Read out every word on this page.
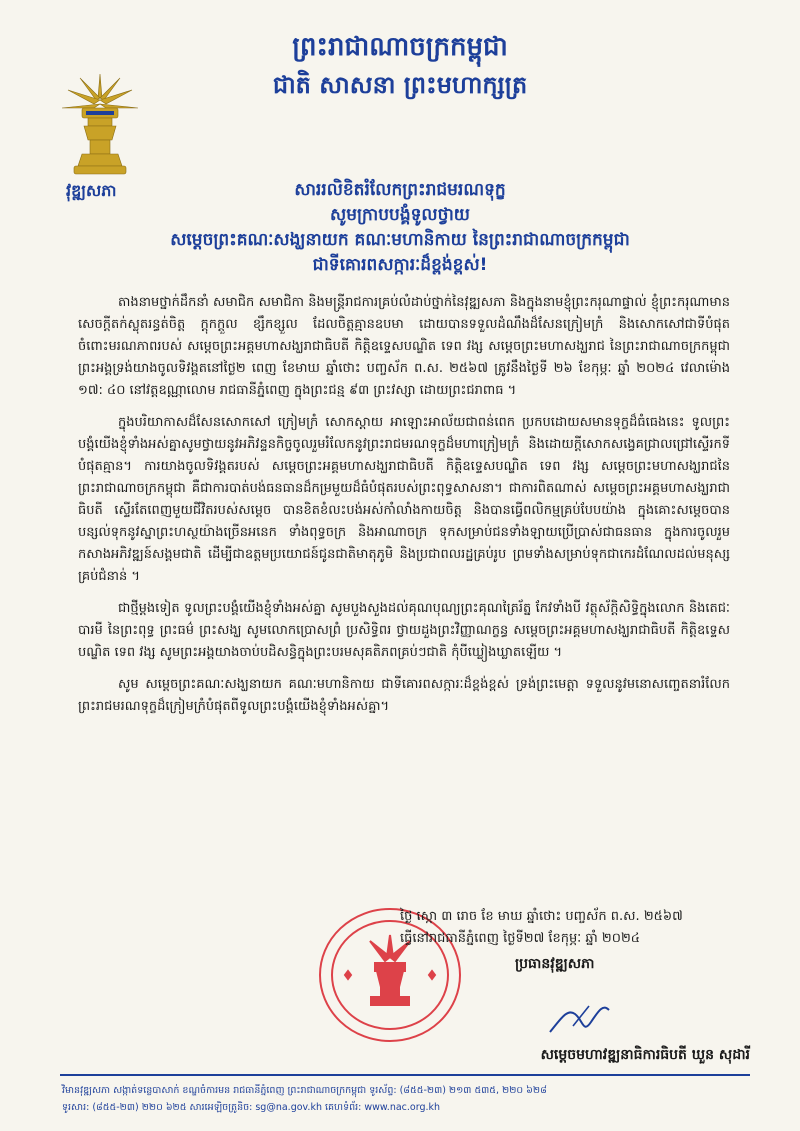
ព្រះរាជាណាចក្រកម្ពុជា
ជាតិ សាសនា ព្រះមហាក្សត្រ
វុឌ្ឍសភា	សាររលិខិតរំលែកព្រះរាជមរណទុក្ខ
សូមក្រាបបង្គំទូលថ្វាយ
សម្តេចព្រះគណៈសង្ឃនាយក គណៈមហានិកាយ នៃព្រះរាជាណាចក្រកម្ពុជា
ជាទីគោរពសក្ការៈដ៏ខ្ពង់ខ្ពស់!

តាងនាមថ្នាក់ដឹកនាំ សមាជិក សមាជិកា និងមន្ត្រីរាជការគ្រប់លំដាប់ថ្នាក់នៃវុឌ្ឍសភា និងក្នុងនាមខ្ញុំព្រះករុណាផ្ទាល់ ខ្ញុំព្រះករុណាមានសេចក្តីតក់ស្លុតរន្ធត់ចិត្ត ក្តុកក្តួល ខ្សឹកខ្សួល ដែលចិត្តគ្មានឧបមា ដោយបានទទួលដំណឹងដ៏សែនក្រៀមក្រំ និងសោកសៅជាទីបំផុតចំពោះមរណភាពរបស់ សម្តេចព្រះអគ្គមហាសង្ឃរាជាធិបតី កិត្តិឧទ្ទេសបណ្ឌិត ទេព វង្ស សម្តេចព្រះមហាសង្ឃរាជ នៃព្រះរាជាណាចក្រកម្ពុជា ព្រះអង្គទ្រង់យាងចូលទិវង្គតនៅថ្ងៃ២ ពេញ ខែមាឃ ឆ្នាំថោះ បញ្ចស័ក ព.ស. ២៥៦៧ ត្រូវនឹងថ្ងៃទី ២៦ ខែកុម្ភៈ ឆ្នាំ ២០២៤ វេលាម៉ោង ១៧: ៤០ នៅវត្តឧណ្ណាលោម រាជធានីភ្នំពេញ ក្នុងព្រះជន្ម ៩៣ ព្រះវស្សា ដោយព្រះជរាពាធ ។

ក្នុងបរិយាកាសដ៏សែនសោកសៅ ក្រៀមក្រំ សោកស្តាយ អាឡោះអាល័យជាពន់ពេក ប្រកបដោយសមានទុក្ខដ៏ធំធេងនេះ ទូលព្រះបង្គំយើងខ្ញុំទាំងអស់គ្នាសូមថ្វាយនូវអភិវន្ទនកិច្ចចូលរួមរំលែកនូវព្រះរាជមរណទុក្ខដ៏មហាក្រៀមក្រំ និងដោយក្តីសោកសង្វេគជ្រាលជ្រៅស្ទើរកទីបំផុតគ្មាន។ ការយាងចូលទិវង្គតរបស់ សម្តេចព្រះអគ្គមហាសង្ឃរាជាធិបតី កិត្តិឧទ្ទេសបណ្ឌិត ទេព វង្ស សម្តេចព្រះមហាសង្ឃរាជនៃព្រះរាជាណាចក្រកម្ពុជា គឺជាការបាត់បង់ធនធានដ៏កម្រមួយដ៏ធំបំផុតរបស់ព្រះពុទ្ធសាសនា។ ជាការពិតណាស់ សម្តេចព្រះអគ្គមហាសង្ឃរាជាធិបតី ស្ទើរតែពេញមួយជីវិតរបស់សម្តេច បានខិតខំលះបង់អស់កាំលាំងកាយចិត្ត និងបានធ្វើពលិកម្មគ្រប់បែបយ៉ាង ក្នុងគោះសម្តេចបានបន្សល់ទុកនូវស្នាព្រះហស្ថយ៉ាងច្រើនអនេក ទាំងពុទ្ធចក្រ និងអាណាចក្រ ទុកសម្រាប់ជនទាំងឡាយប្រើប្រាស់ជាធនធាន ក្នុងការចូលរួមកសាងអភិវឌ្ឍន៍សង្គមជាតិ ដើម្បីជាឧត្តមប្រយោជន៍ជូនជាតិមាតុភូមិ និងប្រជាពលរដ្ឋគ្រប់រូប ព្រមទាំងសម្រាប់ទុកជាកេរដំណែលដល់មនុស្សគ្រប់ជំនាន់ ។

ជាថ្មីម្តងទៀត ទូលព្រះបង្គំយើងខ្ញុំទាំងអស់គ្នា សូមបួងសួងដល់គុណបុណ្យព្រះគុណត្រៃរ័ត្ន កែវទាំងបី វត្ថុស័ក្តិសិទ្ធិក្នុងលោក និងតេជៈបារមី នៃព្រះពុទ្ធ ព្រះធម៌ ព្រះសង្ឃ សូមលោកប្រោសព្រំ ប្រសិទ្ធិពរ ថ្វាយដួងព្រះវិញ្ញាណក្ខន្ធ សម្តេចព្រះអគ្គមហាសង្ឃរាជាធិបតី កិត្តិឧទ្ទេសបណ្ឌិត ទេព វង្ស សូមព្រះអង្គយាងចាប់បដិសន្ធិក្នុងព្រះបរមសុគតិភពគ្រប់ៗជាតិ កុំបីឃ្លៀងឃ្លាតឡើយ ។

សូម សម្តេចព្រះគណៈសង្ឃនាយក គណៈមហានិកាយ ជាទីគោរពសក្ការៈដ៏ខ្ពង់ខ្ពស់ ទ្រង់ព្រះមេត្តា ទទួលនូវមនោសញ្ចេតនារំលែកព្រះរាជមរណទុក្ខដ៏ក្រៀមក្រំបំផុតពីទូលព្រះបង្គំយើងខ្ញុំទាំងអស់គ្នា។

ថ្ងៃ ស្កោ ៣ រោច ខែ មាឃ ឆ្នាំថោះ បញ្ចស័ក ព.ស. ២៥៦៧
ធ្វើនៅរាជធានីភ្នំពេញ ថ្ងៃទី២៧ ខែកុម្ភៈ ឆ្នាំ ២០២៤
ប្រធានវុឌ្ឍសភា
សម្តេចមហាវឌ្ឍនាធិការធិបតី ឃួន សុដារី
វិមានវុឌ្ឍសភា សង្កាត់ទន្លេបាសាក់ ខណ្ឌចំការមន រាជធានីភ្នំពេញ ព្រះរាជាណាចក្រកម្ពុជា ទូរស័ព្ទ: (៨៥៥-២៣) ២១៣ ៥៣៥, ២២០ ៦២៨
ទូរសារ: (៨៥៥-២៣) ២២០ ៦២៥ សារអេឡិចត្រូនិច: sg@na.gov.kh គេហទំព័រ: www.nac.org.kh
